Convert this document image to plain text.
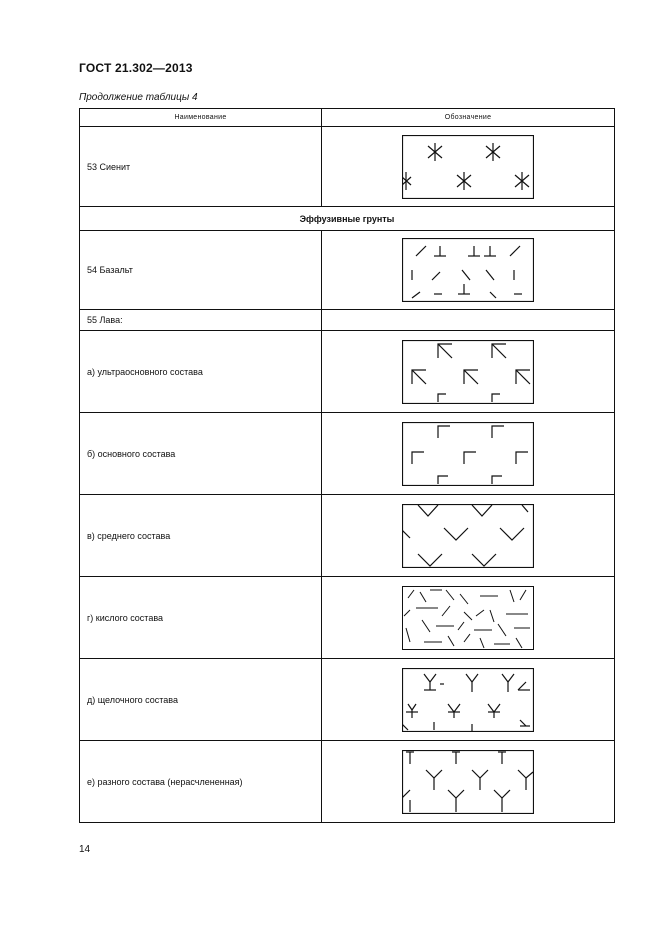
ГОСТ 21.302—2013
Продолжение таблицы 4
Наименование	Обозначение
53 Сиенит	

Эффузивные грунты	
54 Базальт	

55 Лава:	
а) ультраосновного состава	

б) основного состава	

в) среднего состава	

г) кислого состава	

д) щелочного состава	

е) разного состава (нерасчлененная)	
14
